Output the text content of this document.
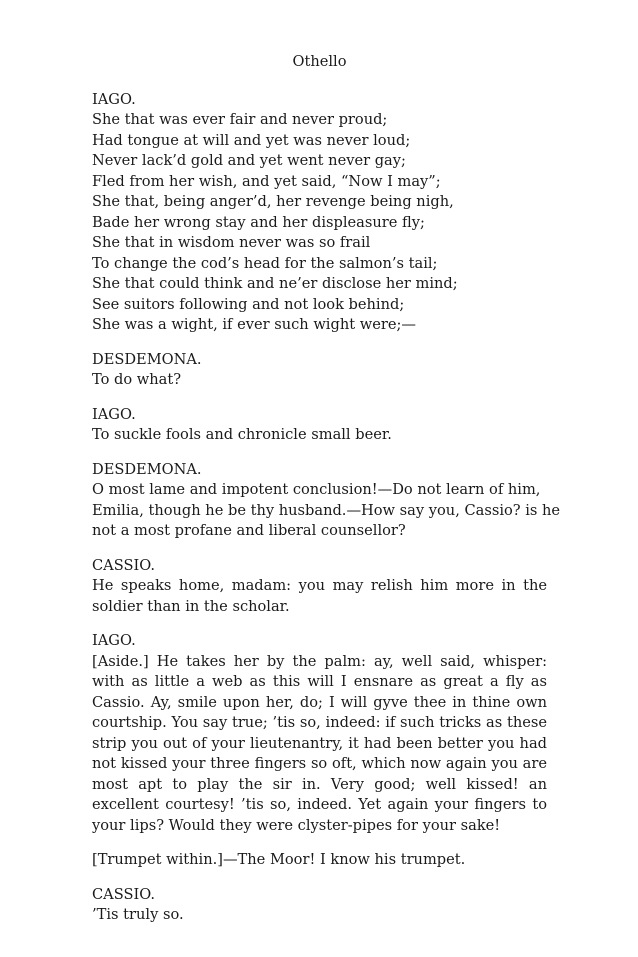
Othello
IAGO.
She that was ever fair and never proud;
Had tongue at will and yet was never loud;
Never lack’d gold and yet went never gay;
Fled from her wish, and yet said, “Now I may”;
She that, being anger’d, her revenge being nigh,
Bade her wrong stay and her displeasure fly;
She that in wisdom never was so frail
To change the cod’s head for the salmon’s tail;
She that could think and ne’er disclose her mind;
See suitors following and not look behind;
She was a wight, if ever such wight were;—
DESDEMONA.
To do what?
IAGO.
To suckle fools and chronicle small beer.
DESDEMONA.
O most lame and impotent conclusion!—Do not learn of him,
Emilia, though he be thy husband.—How say you, Cassio? is he
not a most profane and liberal counsellor?
CASSIO.
He speaks home, madam: you may relish him more in the soldier than in the scholar.
IAGO.
[Aside.] He takes her by the palm: ay, well said, whisper: with as little a web as this will I ensnare as great a fly as Cassio. Ay, smile upon her, do; I will gyve thee in thine own courtship. You say true; ’tis so, indeed: if such tricks as these strip you out of your lieutenantry, it had been better you had not kissed your three fingers so oft, which now again you are most apt to play the sir in. Very good; well kissed! an excellent courtesy! ’tis so, indeed. Yet again your fingers to your lips? Would they were clyster-pipes for your sake!
[Trumpet within.]—The Moor! I know his trumpet.
CASSIO.
’Tis truly so.
